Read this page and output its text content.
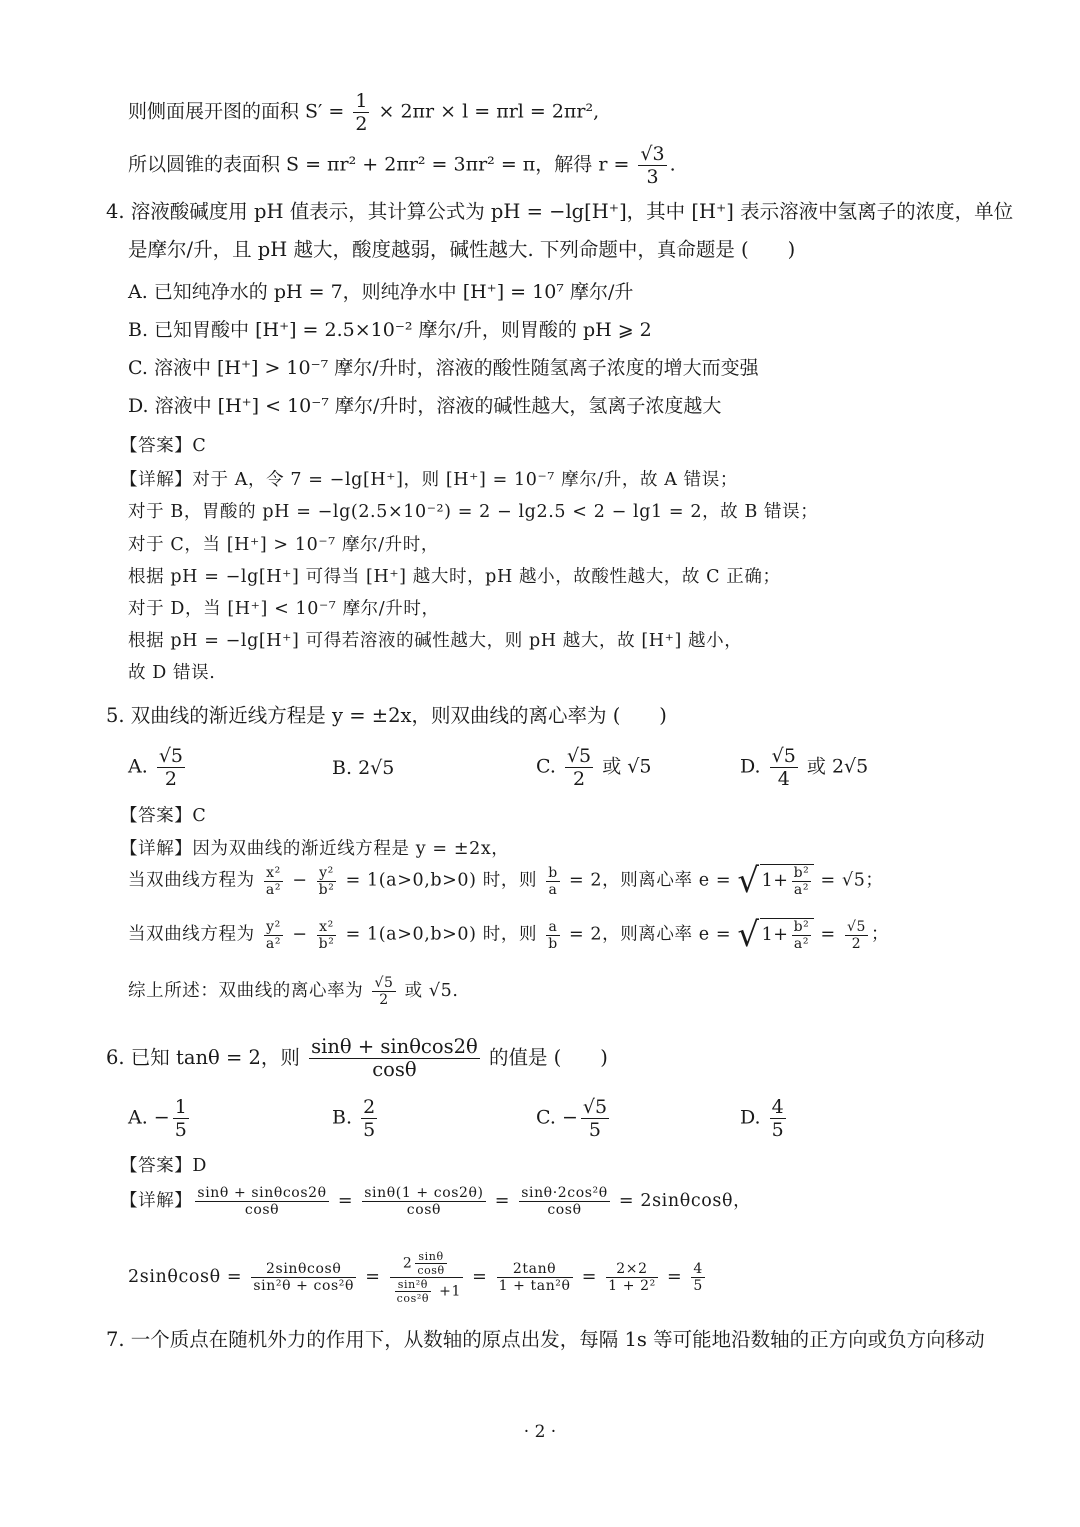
则侧面展开图的面积 $S' = \frac{1}{2} \times 2\pi r \times l = \pi rl = 2\pi r^2$,
所以圆锥的表面积 S = πr² + 2πr² = 3πr² = π，解得 $r = \frac{√3}{3}$ .
4. 溶液酸碱度用 pH 值表示，其计算公式为 pH = −lg[H⁺]，其中 [H⁺] 表示溶液中氢离子的浓度，单位
是摩尔/升，且 pH 越大，酸度越弱，碱性越大. 下列命题中，真命题是 (　　)
A. 已知纯净水的 pH = 7，则纯净水中 [H⁺] = 10⁷ 摩尔/升
B. 已知胃酸中 [H⁺] = 2.5×10⁻² 摩尔/升，则胃酸的 pH ⩾ 2
C. 溶液中 [H⁺] > 10⁻⁷ 摩尔/升时，溶液的酸性随氢离子浓度的增大而变强
D. 溶液中 [H⁺] < 10⁻⁷ 摩尔/升时，溶液的碱性越大，氢离子浓度越大
【答案】C
【详解】对于 A，令 7 = −lg[H⁺]，则 [H⁺] = 10⁻⁷ 摩尔/升，故 A 错误；
对于 B，胃酸的 pH = −lg(2.5×10⁻²) = 2 − lg2.5 < 2 − lg1 = 2，故 B 错误；
对于 C，当 [H⁺] > 10⁻⁷ 摩尔/升时，
根据 pH = −lg[H⁺] 可得当 [H⁺] 越大时，pH 越小，故酸性越大，故 C 正确；
对于 D，当 [H⁺] < 10⁻⁷ 摩尔/升时，
根据 pH = −lg[H⁺] 可得若溶液的碱性越大，则 pH 越大，故 [H⁺] 越小，
故 D 错误.
5. 双曲线的渐近线方程是 y = ±2x，则双曲线的离心率为 (　　)
A. $\frac{√5}{2}$	B. 2√5	C. $\frac{√5}{2}$ 或 √5	D. $\frac{√5}{4}$ 或 2√5
【答案】C
【详解】因为双曲线的渐近线方程是 y = ±2x，
当双曲线方程为 $\frac{\text{x²}}{\text{a²}} - \frac{\text{y²}}{\text{b²}} = 1(a>0,b>0)$ 时，则 $\frac{b}{a} = 2$，则离心率 e = √ $1+ \frac{\text{b²}}{\text{a²}} = √5$；
当双曲线方程为 $\frac{\text{y²}}{\text{a²}} - \frac{\text{x²}}{\text{b²}} = 1(a>0,b>0)$ 时，则 $\frac{a}{b} = 2$，则离心率 e = √ $1+ \frac{\text{b²}}{\text{a²}} = \frac{√5}{2}$ ；
综上所述：双曲线的离心率为 $\frac{√5}{2}$ 或 √5.
6. 已知 tanθ = 2，则 $\frac{\sin\theta + \sin\theta\cos 2\theta}{\cos\theta}$ 的值是 (　　)
A. − $\frac{1}{5}$	B. $\frac{2}{5}$	C. − $\frac{√5}{5}$	D. $\frac{4}{5}$
【答案】D
【详解】 $\frac{\sin\theta + \sin\theta\cos 2\theta}{\cos\theta} = \frac{\sin\theta(1 + \cos 2\theta)}{\cos\theta} = \frac{\text{sinθ·2cos²θ}}{\cos\theta} = 2\sin\theta\cos\theta$，
$2\sin\theta\cos\theta = \frac{2\sin\theta\cos\theta}{\text{sin²θ + cos²θ}} = \frac{2 \frac{\sin\theta}{\cos\theta}}{\frac{\text{sin²θ}}{\text{cos²θ}} +1} = \frac{2\tan\theta}{\text{1 + tan²θ}} = \frac{2\times 2}{\text{1 + 2²}} = \frac{4}{5}$
7. 一个质点在随机外力的作用下，从数轴的原点出发，每隔 1s 等可能地沿数轴的正方向或负方向移动
· 2 ·
